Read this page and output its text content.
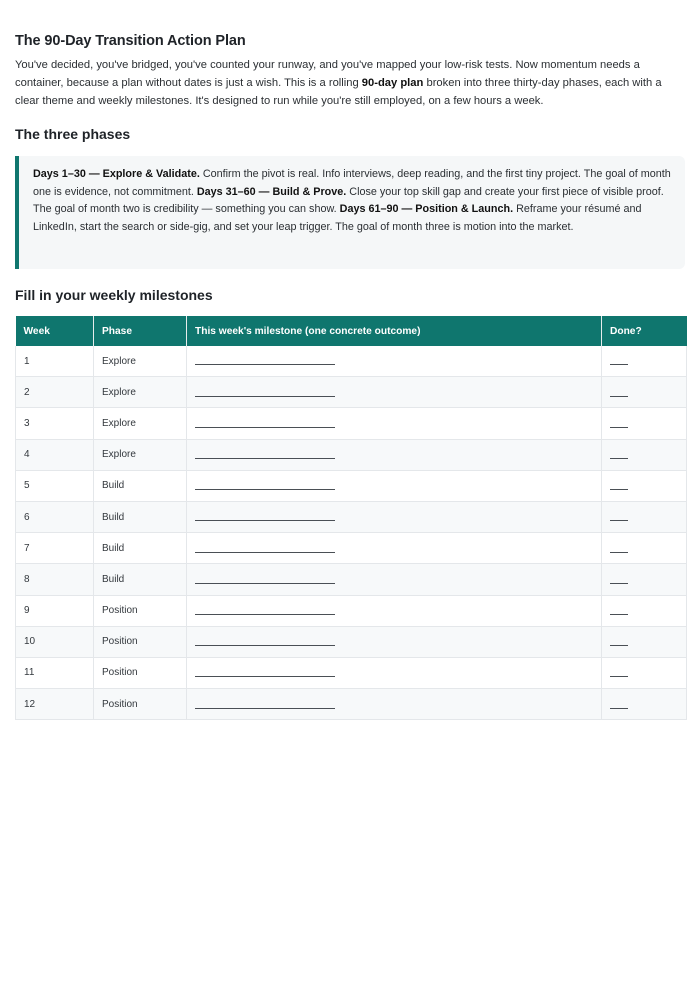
The 90-Day Transition Action Plan

You've decided, you've bridged, you've counted your runway, and you've mapped your low-risk tests. Now momentum needs a container, because a plan without dates is just a wish. This is a rolling 90-day plan broken into three thirty-day phases, each with a clear theme and weekly milestones. It's designed to run while you're still employed, on a few hours a week.

The three phases
Days 1–30 — Explore & Validate. Confirm the pivot is real. Info interviews, deep reading, and the first tiny project. The goal of month one is evidence, not commitment. Days 31–60 — Build & Prove. Close your top skill gap and create your first piece of visible proof. The goal of month two is credibility — something you can show. Days 61–90 — Position & Launch. Reframe your résumé and LinkedIn, start the search or side-gig, and set your leap trigger. The goal of month three is motion into the market.
Fill in your weekly milestones
Week	Phase	This week's milestone (one concrete outcome)	Done?
1	Explore		
2	Explore		
3	Explore		
4	Explore		
5	Build		
6	Build		
7	Build		
8	Build		
9	Position		
10	Position		
11	Position		
12	Position		
